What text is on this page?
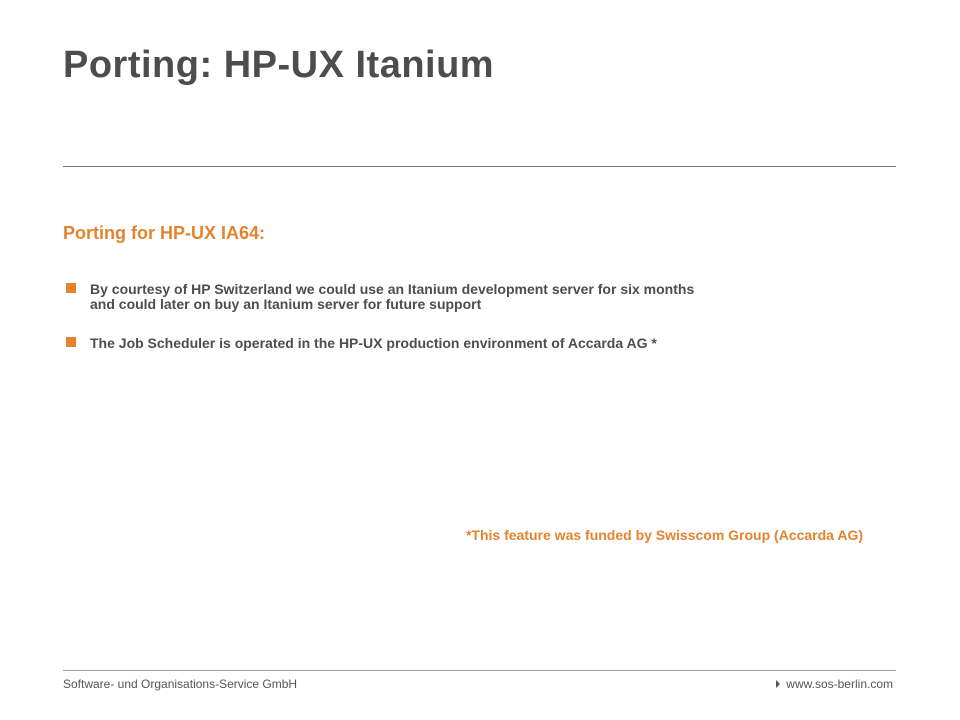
Porting: HP-UX Itanium
Porting for HP-UX IA64:
By courtesy of HP Switzerland we could use an Itanium development server for six months
and could later on buy an Itanium server for future support
The Job Scheduler is operated in the HP-UX production environment of Accarda AG *
*This feature was funded by Swisscom Group (Accarda AG)
Software- und Organisations-Service GmbH	www.sos-berlin.com
